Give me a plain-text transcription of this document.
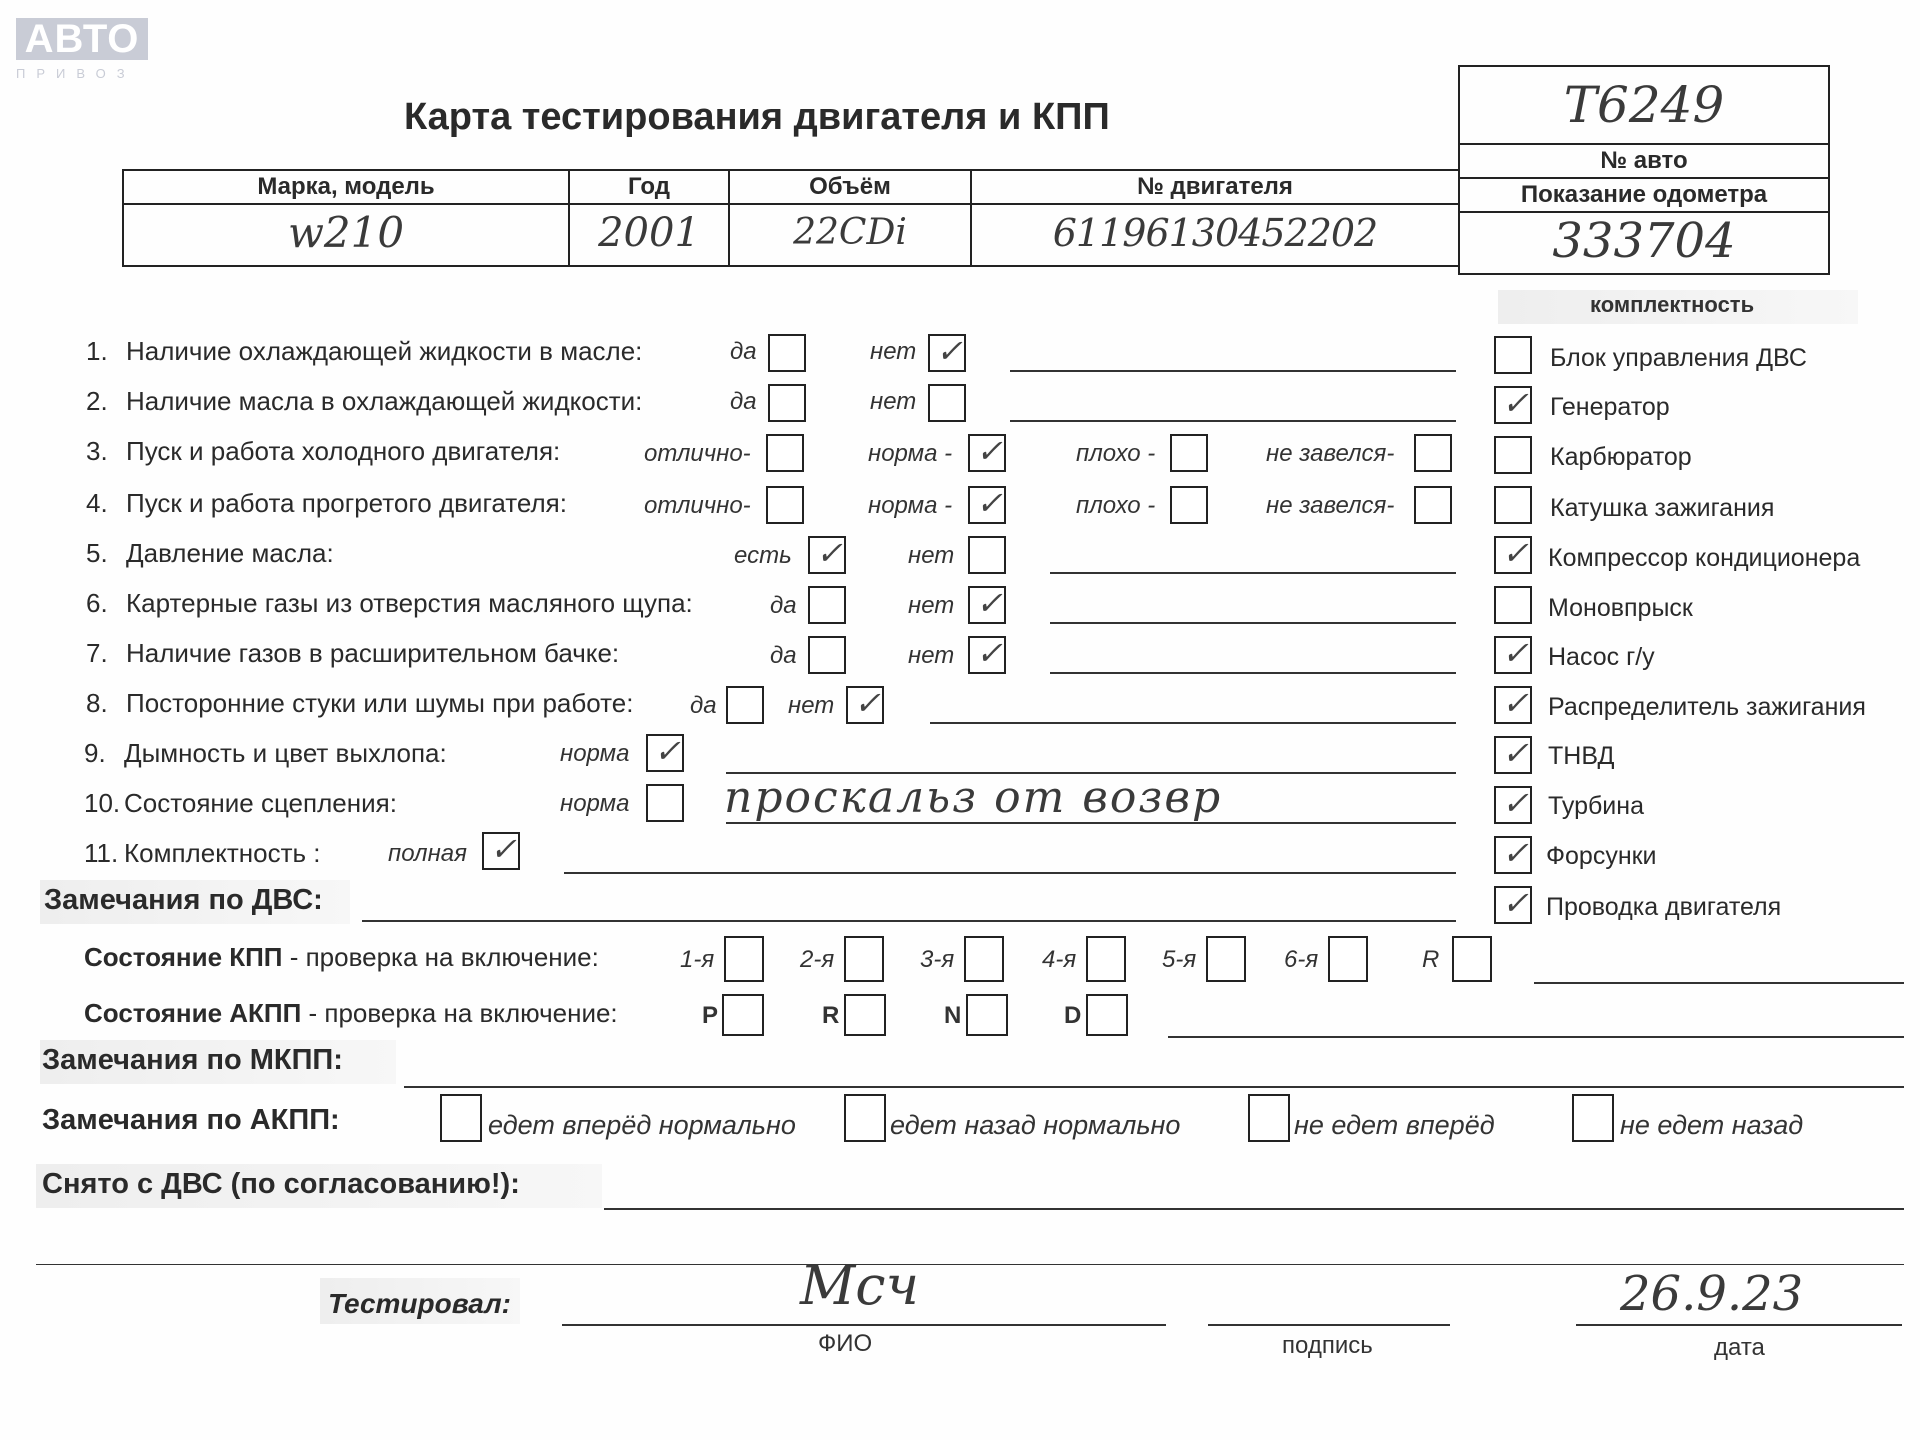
АВТО
ПРИВОЗ
Карта тестирования двигателя и КПП	Т6249
№ авто
Показание одометра
333704
Марка, модель	Год	Объём	№ двигателя
w210	2001	22CDi	61196130452202
комплектность
1. Наличие охлаждающей жидкости в масле:	да	нет ✓
2. Наличие масла в охлаждающей жидкости:	да	нет
3. Пуск и работа холодного двигателя:	отлично-	норма - ✓	плохо -	не завелся-
4. Пуск и работа прогретого двигателя:	отлично-	норма - ✓	плохо -	не завелся-
5. Давление масла:	есть ✓	нет
6. Картерные газы из отверстия масляного щупа:	да	нет ✓
7. Наличие газов в расширительном бачке:	да	нет ✓
8. Посторонние стуки или шумы при работе: да	нет ✓
9. Дымность и цвет выхлопа:	норма ✓
10. Состояние сцепления:	норма проскальз от возвр
11. Комплектность :	полная ✓
Блок управления ДВС
✓ Генератор
Карбюратор
Катушка зажигания
✓ Компрессор кондиционера
Моновпрыск
✓ Насос г/у
✓ Распределитель зажигания
✓ ТНВД
✓ Турбина
✓ Форсунки
✓ Проводка двигателя
Замечания по ДВС:
Состояние КПП - проверка на включение:	1-я	2-я	3-я	4-я	5-я	6-я	R
Состояние АКПП - проверка на включение:	P	R	N	D
Замечания по МКПП:
Замечания по АКПП:	едет вперёд нормально	едет назад нормально	не едет вперёд	не едет назад
Снято с ДВС (по согласованию!):
Тестировал:	Мсч
ФИО	подпись
26.9.23
дата
